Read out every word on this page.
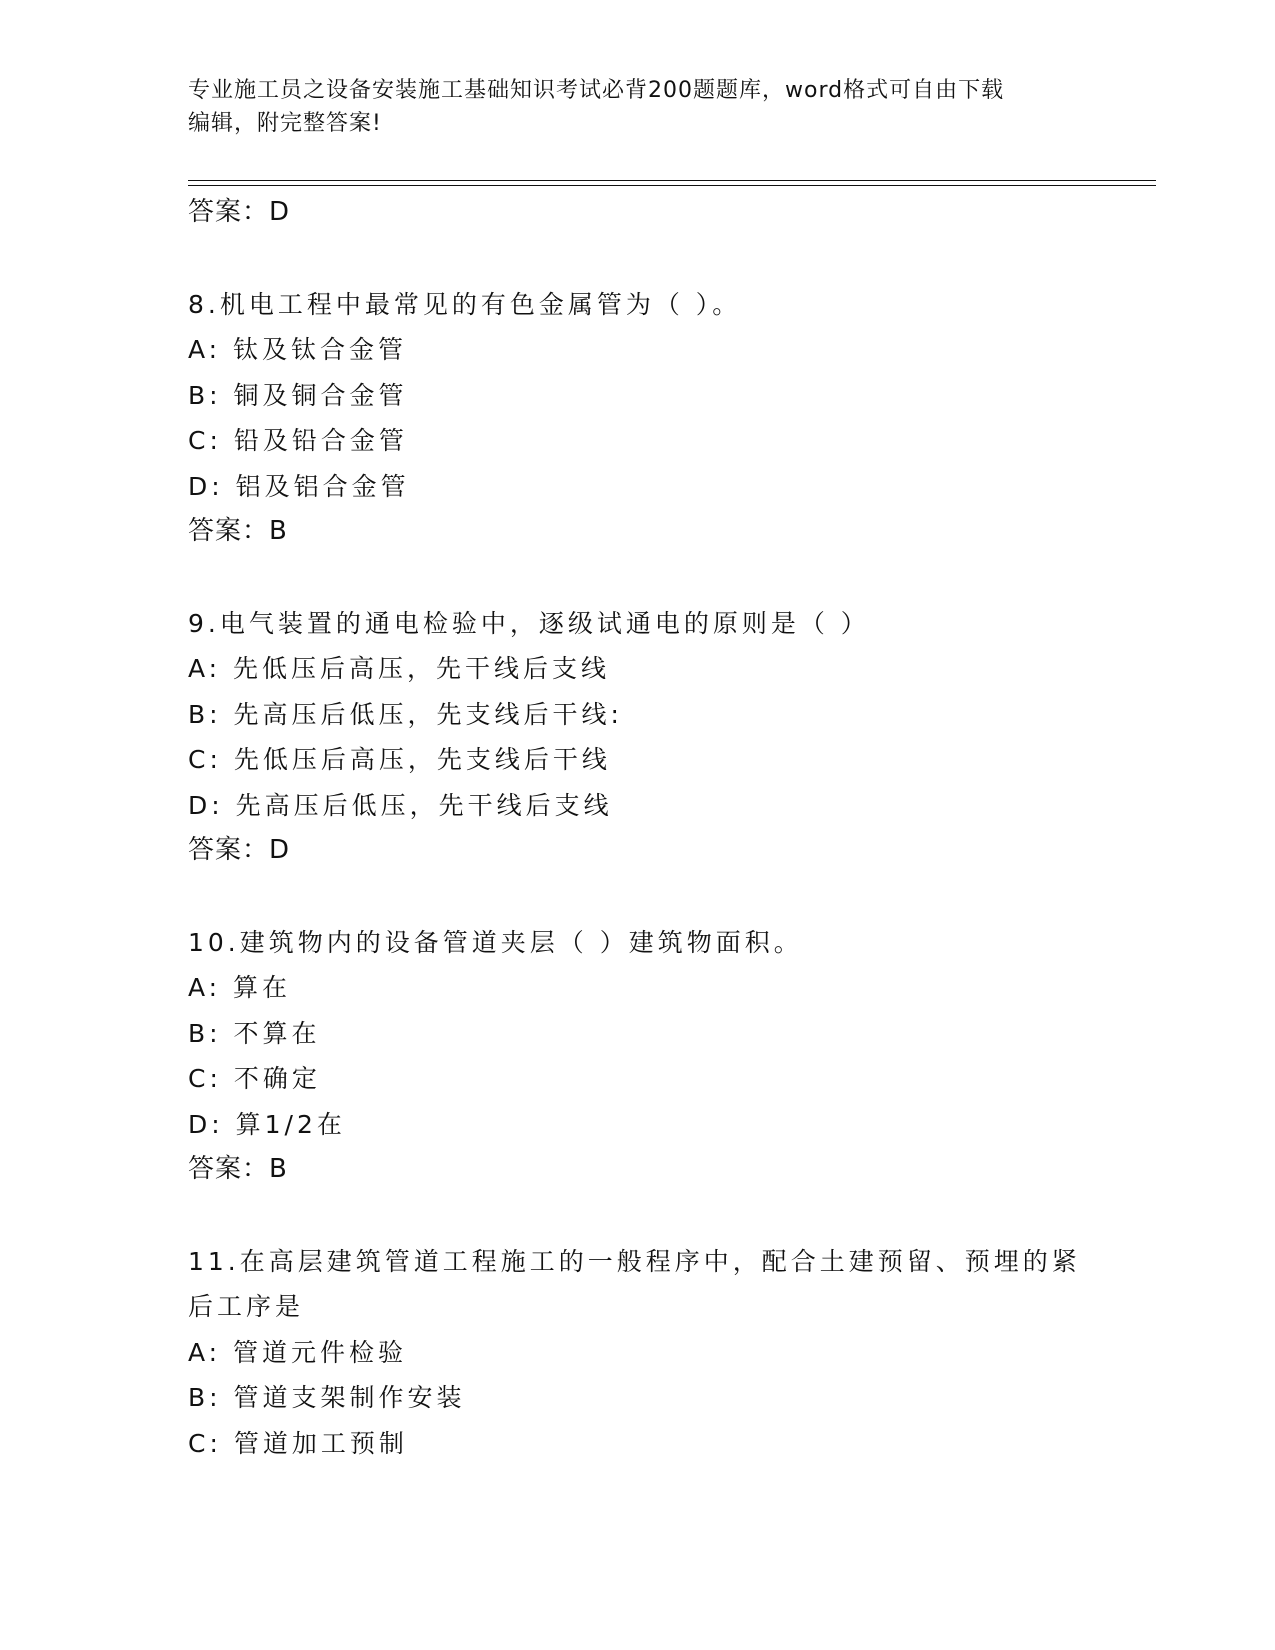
专业施工员之设备安装施工基础知识考试必背200题题库，word格式可自由下载
编辑，附完整答案!
答案：D
8.机电工程中最常见的有色金属管为（ ）。
A: 钛及钛合金管
B: 铜及铜合金管
C: 铅及铅合金管
D: 铝及铝合金管
答案：B
9.电气装置的通电检验中，逐级试通电的原则是（ ）
A: 先低压后高压，先干线后支线
B: 先高压后低压，先支线后干线:
C: 先低压后高压，先支线后干线
D: 先高压后低压，先干线后支线
答案：D
10.建筑物内的设备管道夹层（ ）建筑物面积。
A: 算在
B: 不算在
C: 不确定
D: 算1/2在
答案：B
11.在高层建筑管道工程施工的一般程序中，配合土建预留、预埋的紧
后工序是
A: 管道元件检验
B: 管道支架制作安装
C: 管道加工预制
